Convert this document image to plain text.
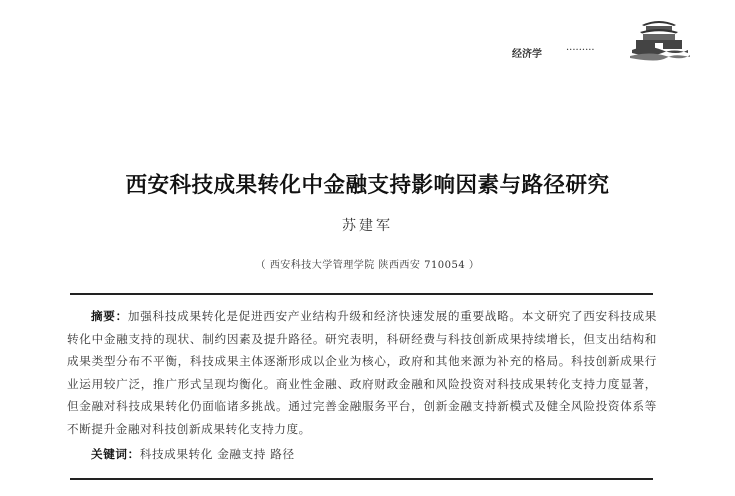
经济学 ·········
西安科技成果转化中金融支持影响因素与路径研究
苏建军
（ 西安科技大学管理学院 陕西西安 710054 ）

摘要：加强科技成果转化是促进西安产业结构升级和经济快速发展的重要战略。本文研究了西安科技成果转化中金融支持的现状、制约因素及提升路径。研究表明，科研经费与科技创新成果持续增长，但支出结构和成果类型分布不平衡，科技成果主体逐渐形成以企业为核心，政府和其他来源为补充的格局。科技创新成果行业运用较广泛，推广形式呈现均衡化。商业性金融、政府财政金融和风险投资对科技成果转化支持力度显著，但金融对科技成果转化仍面临诸多挑战。通过完善金融服务平台，创新金融支持新模式及健全风险投资体系等不断提升金融对科技创新成果转化支持力度。

关键词：科技成果转化 金融支持 路径
